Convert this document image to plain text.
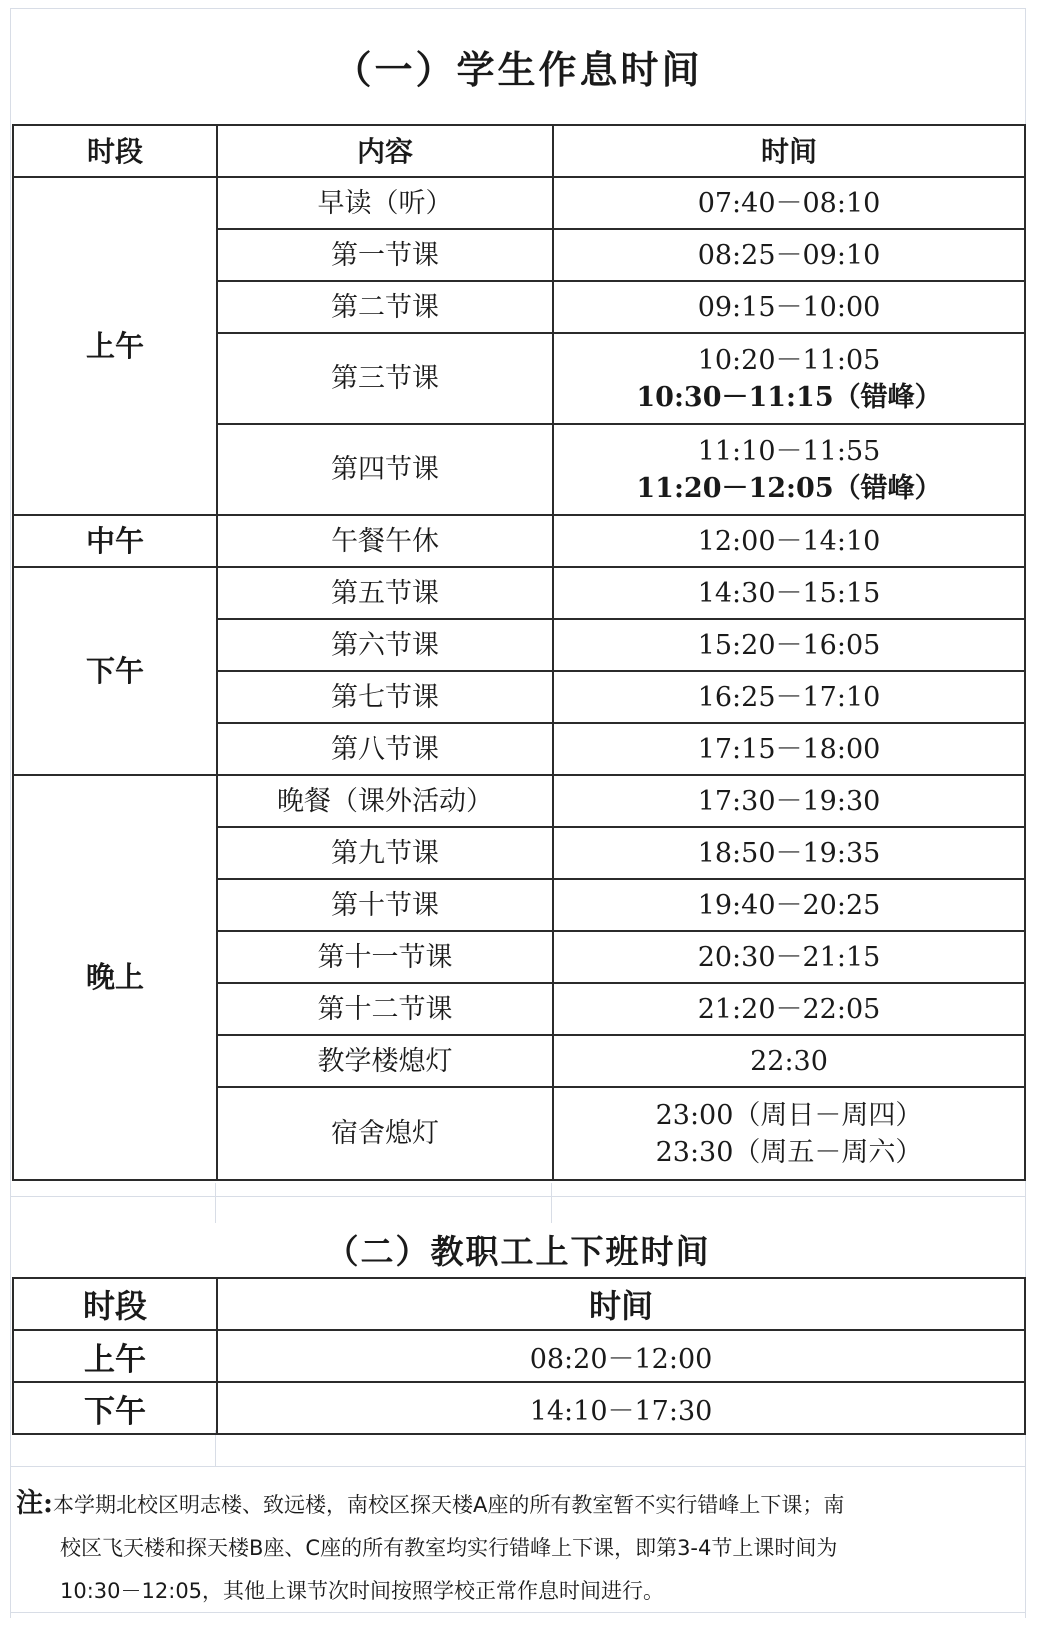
（一）学生作息时间
时段	内容	时间
上午	早读（听）	07:40－08:10
	第一节课	08:25－09:10
	第二节课	09:15－10:00
	第三节课	10:20－11:05
10:30－11:15（错峰）

	第四节课	11:10－11:55
11:20－12:05（错峰）

中午	午餐午休	12:00－14:10
下午	第五节课	14:30－15:15
	第六节课	15:20－16:05
	第七节课	16:25－17:10
	第八节课	17:15－18:00
晚上	晚餐（课外活动）	17:30－19:30
	第九节课	18:50－19:35
	第十节课	19:40－20:25
	第十一节课	20:30－21:15
	第十二节课	21:20－22:05
	教学楼熄灯	22:30
	宿舍熄灯	23:00（周日－周四）
23:30（周五－周六）
（二）教职工上下班时间
时段	时间
上午	08:20－12:00
下午	14:10－17:30

注:本学期北校区明志楼、致远楼，南校区探天楼A座的所有教室暂不实行错峰上下课；南

校区飞天楼和探天楼B座、C座的所有教室均实行错峰上下课，即第3-4节上课时间为

10:30－12:05，其他上课节次时间按照学校正常作息时间进行。
